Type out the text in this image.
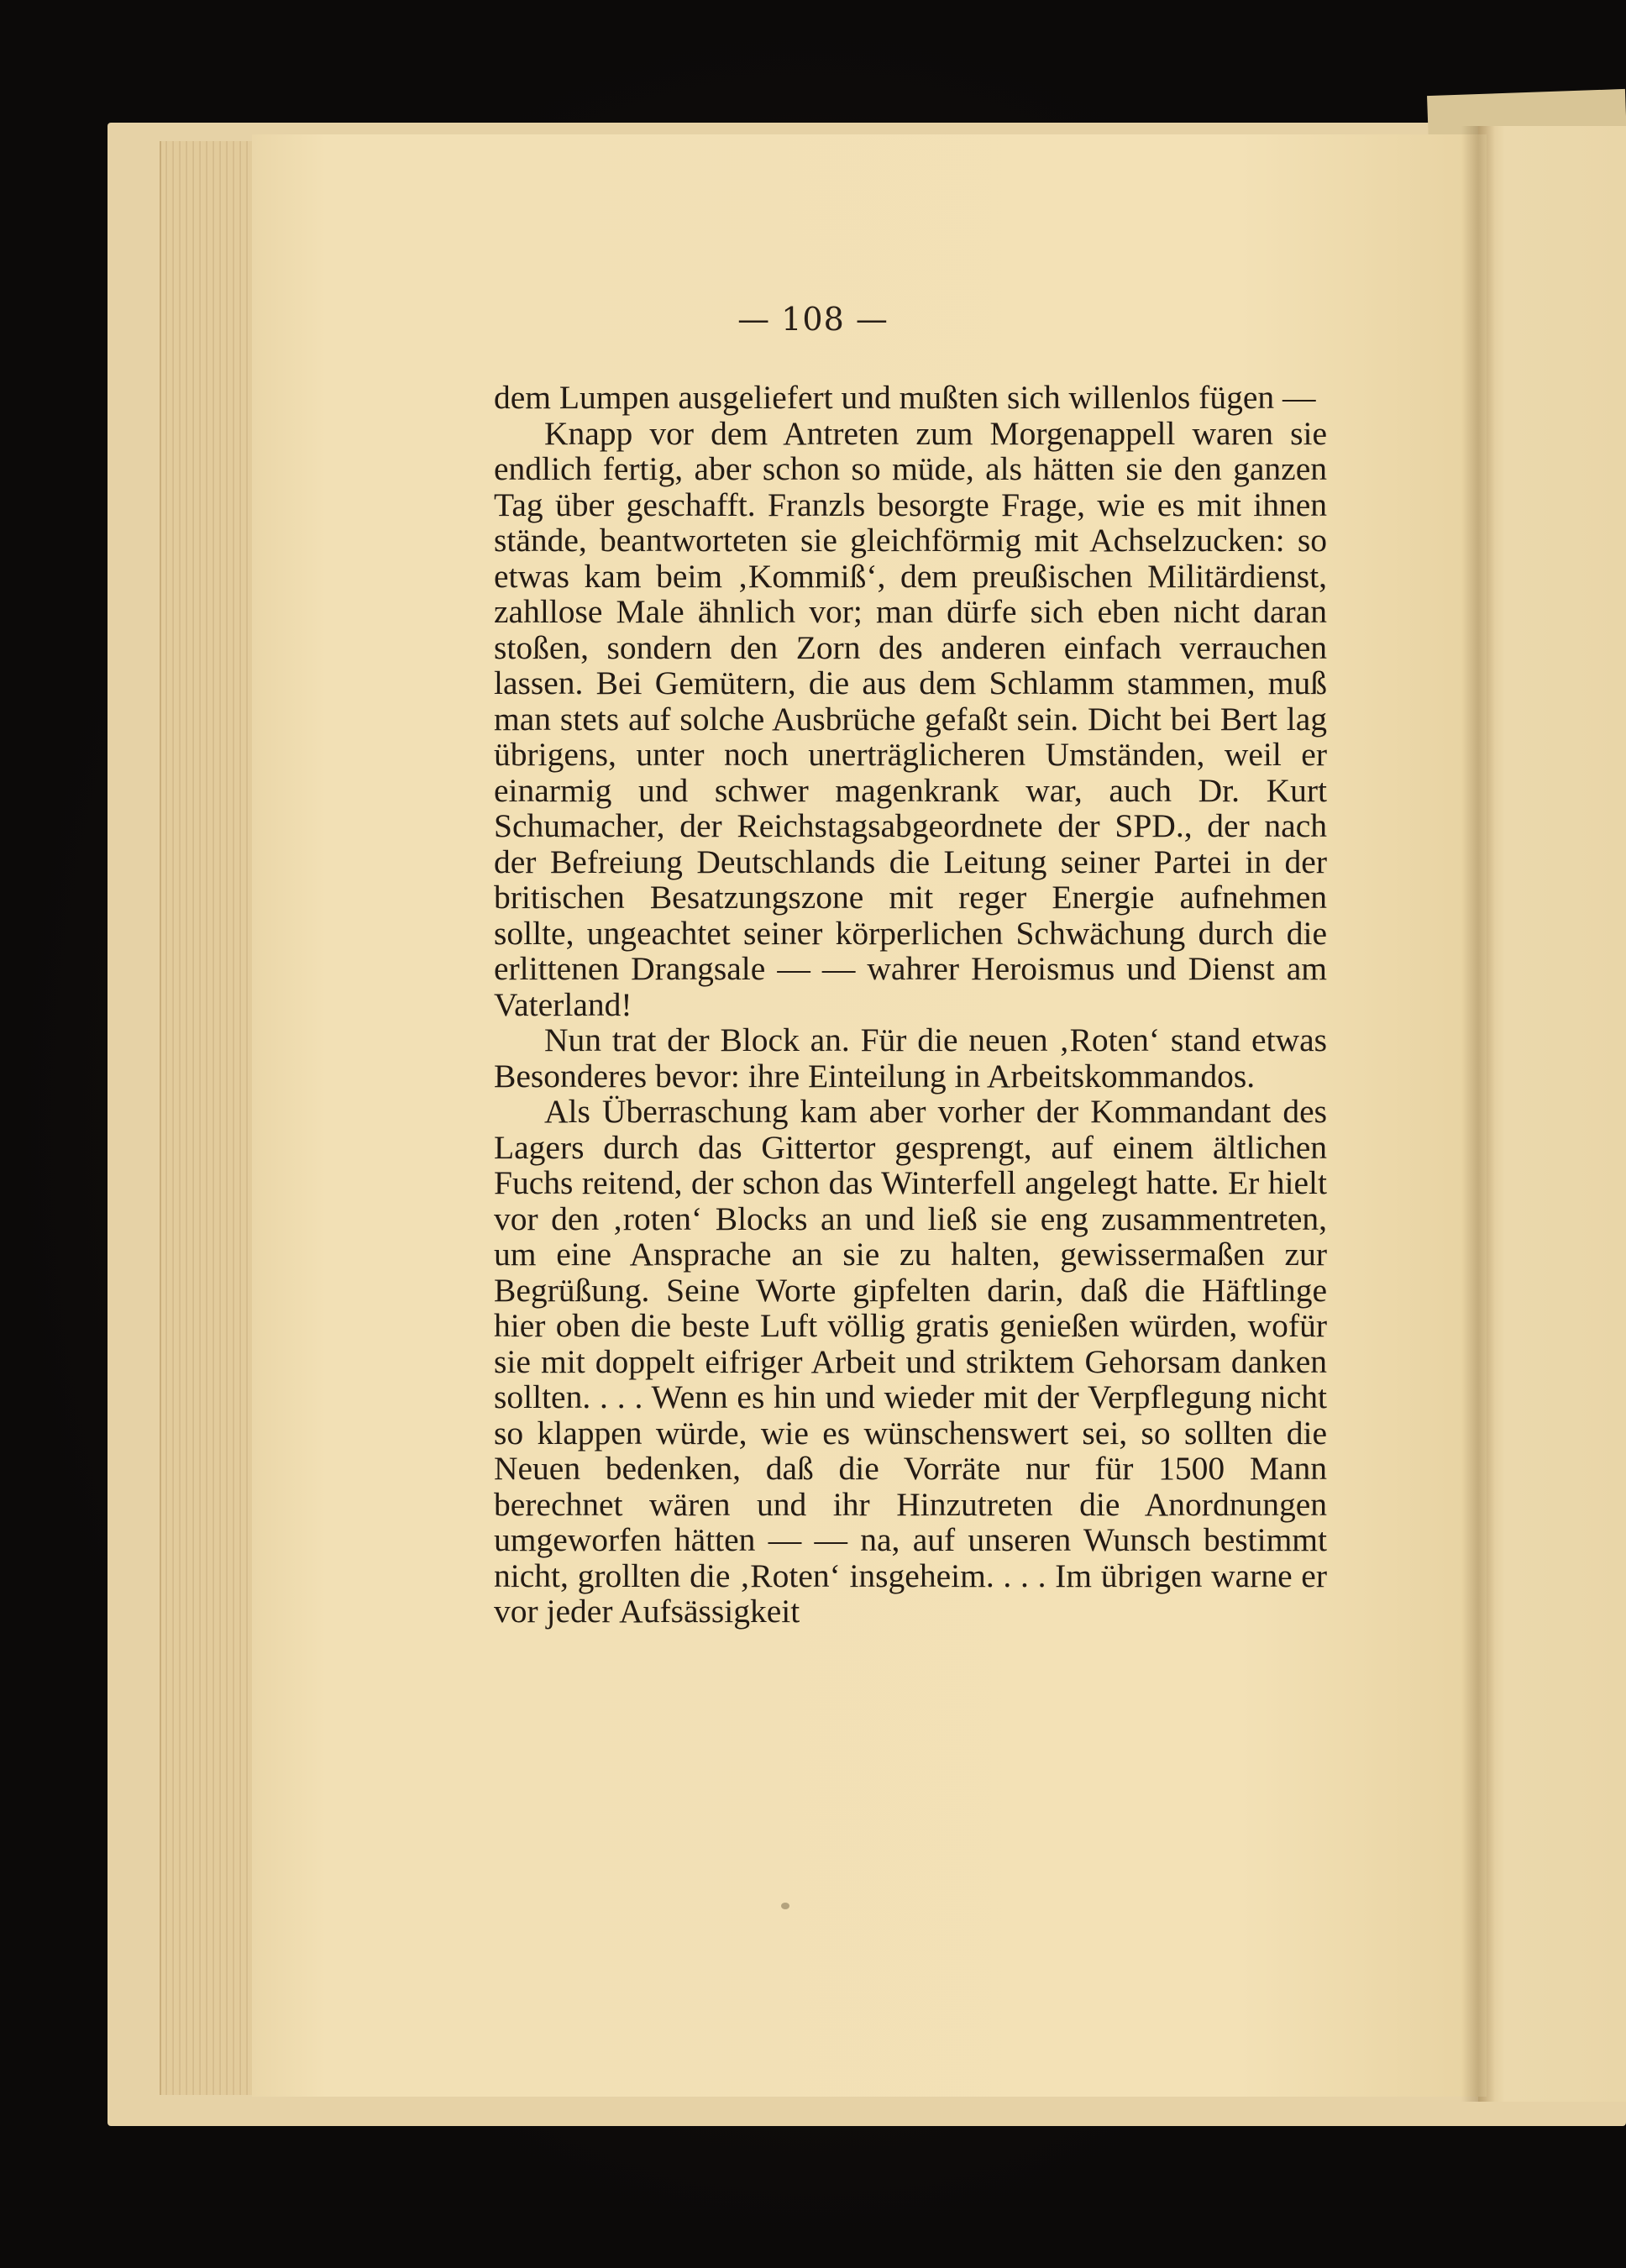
— 108 —

dem Lumpen ausgeliefert und mußten sich willenlos fügen —

Knapp vor dem Antreten zum Morgenappell waren sie endlich fertig, aber schon so müde, als hätten sie den ganzen Tag über geschafft. Franzls besorgte Frage, wie es mit ihnen stände, beantworteten sie gleichförmig mit Achselzucken: so etwas kam beim ‚Kommiß‘, dem preußischen Militärdienst, zahllose Male ähnlich vor; man dürfe sich eben nicht daran stoßen, sondern den Zorn des anderen einfach verrauchen lassen. Bei Gemütern, die aus dem Schlamm stammen, muß man stets auf solche Ausbrüche gefaßt sein. Dicht bei Bert lag übrigens, unter noch unerträglicheren Umständen, weil er einarmig und schwer magenkrank war, auch Dr. Kurt Schumacher, der Reichstagsabgeordnete der SPD., der nach der Befreiung Deutschlands die Leitung seiner Partei in der britischen Besatzungszone mit reger Energie aufnehmen sollte, ungeachtet seiner körperlichen Schwächung durch die erlittenen Drangsale — — wahrer Heroismus und Dienst am Vaterland!

Nun trat der Block an. Für die neuen ‚Roten‘ stand etwas Besonderes bevor: ihre Einteilung in Arbeitskommandos.

Als Überraschung kam aber vorher der Kommandant des Lagers durch das Gittertor gesprengt, auf einem ältlichen Fuchs reitend, der schon das Winterfell angelegt hatte. Er hielt vor den ‚roten‘ Blocks an und ließ sie eng zusammentreten, um eine Ansprache an sie zu halten, gewissermaßen zur Begrüßung. Seine Worte gipfelten darin, daß die Häftlinge hier oben die beste Luft völlig gratis genießen würden, wofür sie mit doppelt eifriger Arbeit und striktem Gehorsam danken sollten. . . . Wenn es hin und wieder mit der Verpflegung nicht so klappen würde, wie es wünschenswert sei, so sollten die Neuen bedenken, daß die Vorräte nur für 1500 Mann berechnet wären und ihr Hinzutreten die Anordnungen umgeworfen hätten — — na, auf unseren Wunsch bestimmt nicht, grollten die ‚Roten‘ insgeheim. . . . Im übrigen warne er vor jeder Aufsässigkeit
